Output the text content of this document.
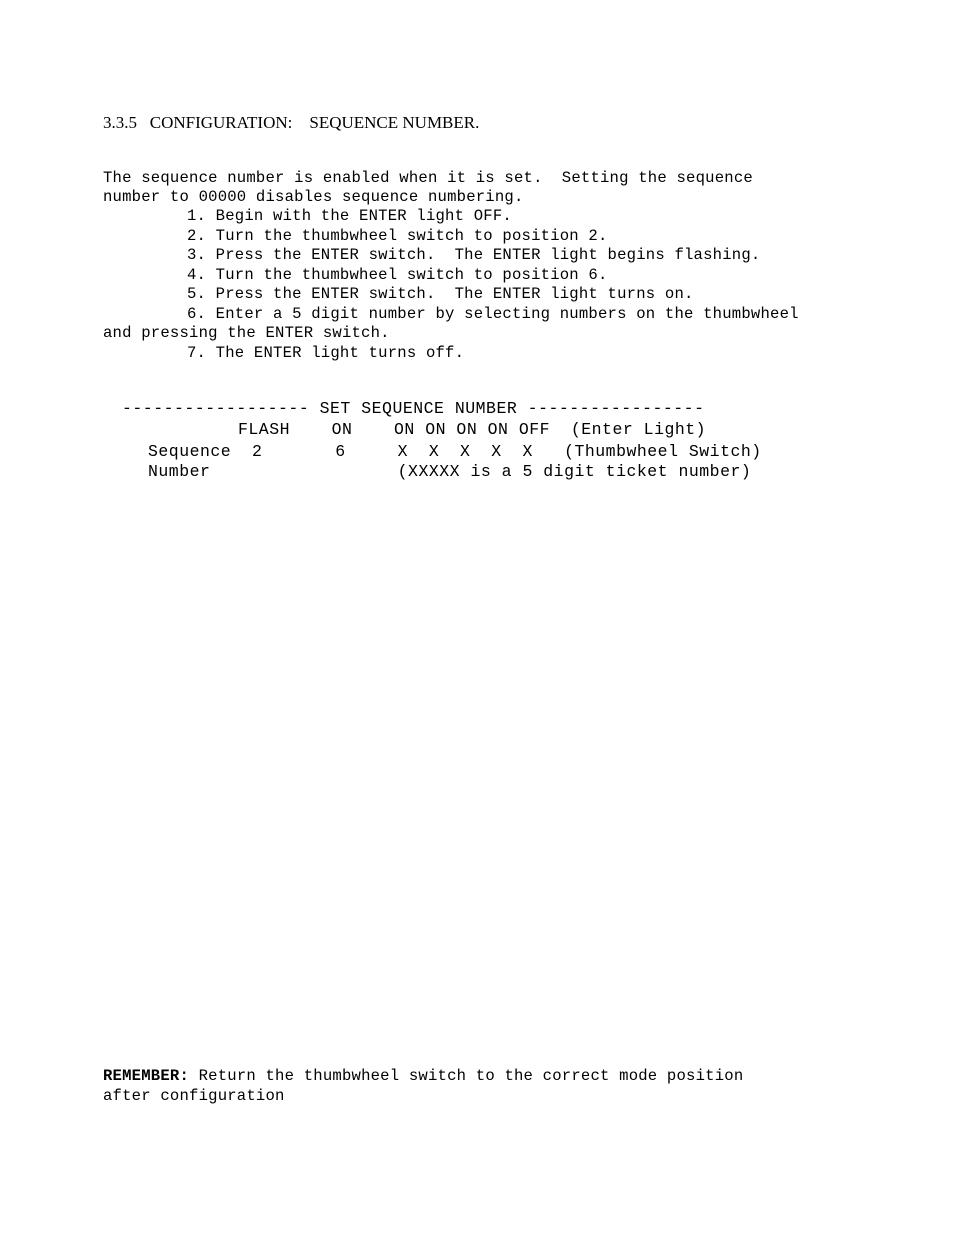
3.3.5   CONFIGURATION:    SEQUENCE NUMBER.
The sequence number is enabled when it is set.  Setting the sequence
number to 00000 disables sequence numbering.
1. Begin with the ENTER light OFF.
2. Turn the thumbwheel switch to position 2.
3. Press the ENTER switch.  The ENTER light begins flashing.
4. Turn the thumbwheel switch to position 6.
5. Press the ENTER switch.  The ENTER light turns on.
6. Enter a 5 digit number by selecting numbers on the thumbwheel
and pressing the ENTER switch.
7. The ENTER light turns off.
------------------ SET SEQUENCE NUMBER -----------------
FLASH    ON    ON ON ON ON OFF  (Enter Light)
Sequence  2       6     X  X  X  X  X   (Thumbwheel Switch)
Number                  (XXXXX is a 5 digit ticket number)
REMEMBER: Return the thumbwheel switch to the correct mode position
after configuration
